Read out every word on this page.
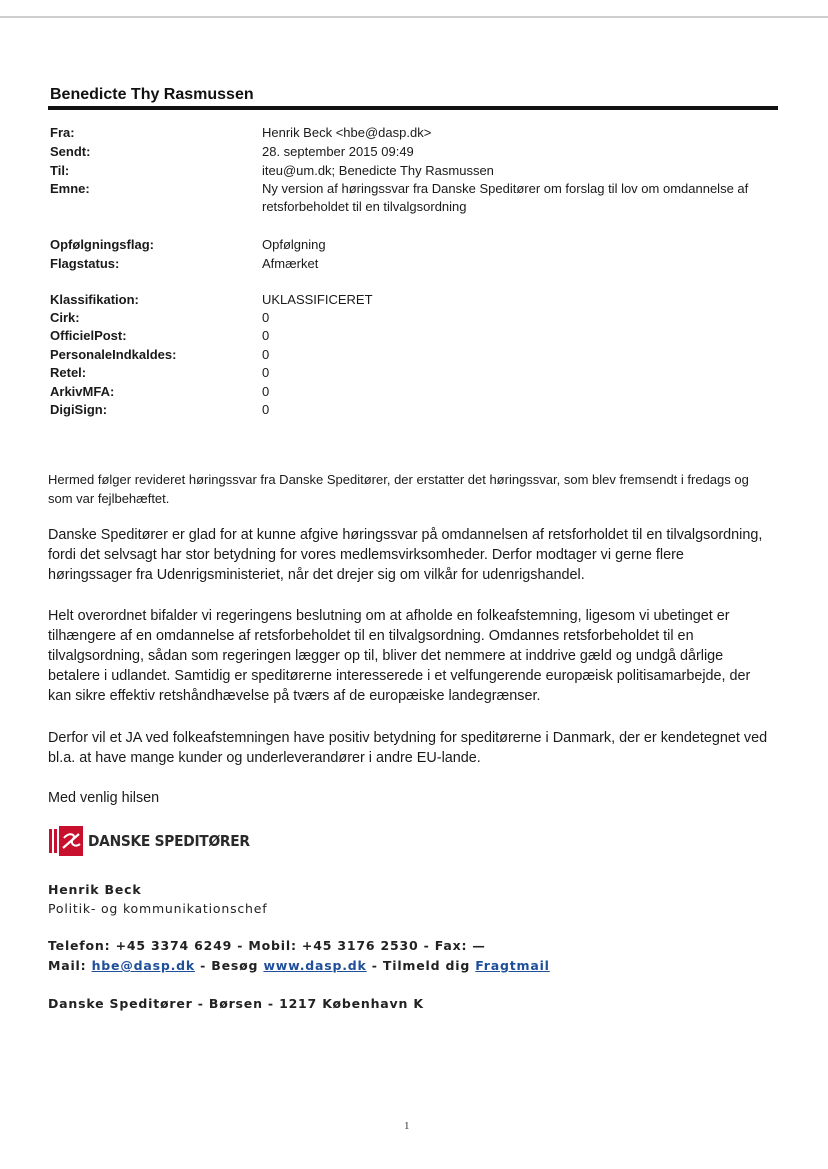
Benedicte Thy Rasmussen
Fra:	Henrik Beck <hbe@dasp.dk>
Sendt:	28. september 2015 09:49
Til:	iteu@um.dk; Benedicte Thy Rasmussen
Emne:	Ny version af høringssvar fra Danske Speditører om forslag til lov om omdannelse af retsforbeholdet til en tilvalgsordning
Opfølgningsflag:	Opfølgning
Flagstatus:	Afmærket
Klassifikation:	UKLASSIFICERET
Cirk:	0
OfficielPost:	0
PersonaleIndkaldes:	0
Retel:	0
ArkivMFA:	0
DigiSign:	0
Hermed følger revideret høringssvar fra Danske Speditører, der erstatter det høringssvar, som blev fremsendt i fredags og som var fejlbehæftet.
Danske Speditører er glad for at kunne afgive høringssvar på omdannelsen af retsforholdet til en tilvalgsordning, fordi det selvsagt har stor betydning for vores medlemsvirksomheder. Derfor modtager vi gerne flere høringssager fra Udenrigsministeriet, når det drejer sig om vilkår for udenrigshandel.
Helt overordnet bifalder vi regeringens beslutning om at afholde en folkeafstemning, ligesom vi ubetinget er tilhængere af en omdannelse af retsforbeholdet til en tilvalgsordning. Omdannes retsforbeholdet til en tilvalgsordning, sådan som regeringen lægger op til, bliver det nemmere at inddrive gæld og undgå dårlige betalere i udlandet. Samtidig er speditørerne interesserede i et velfungerende europæisk politisamarbejde, der kan sikre effektiv retshåndhævelse på tværs af de europæiske landegrænser.
Derfor vil et JA ved folkeafstemningen have positiv betydning for speditørerne i Danmark, der er kendetegnet ved bl.a. at have mange kunder og underleverandører i andre EU-lande.
Med venlig hilsen
DANSKE SPEDITØRER
Henrik Beck
Politik- og kommunikationschef
Telefon: +45 3374 6249 - Mobil: +45 3176 2530 - Fax: —
Mail: hbe@dasp.dk - Besøg www.dasp.dk - Tilmeld dig Fragtmail
Danske Speditører - Børsen - 1217 København K
1
